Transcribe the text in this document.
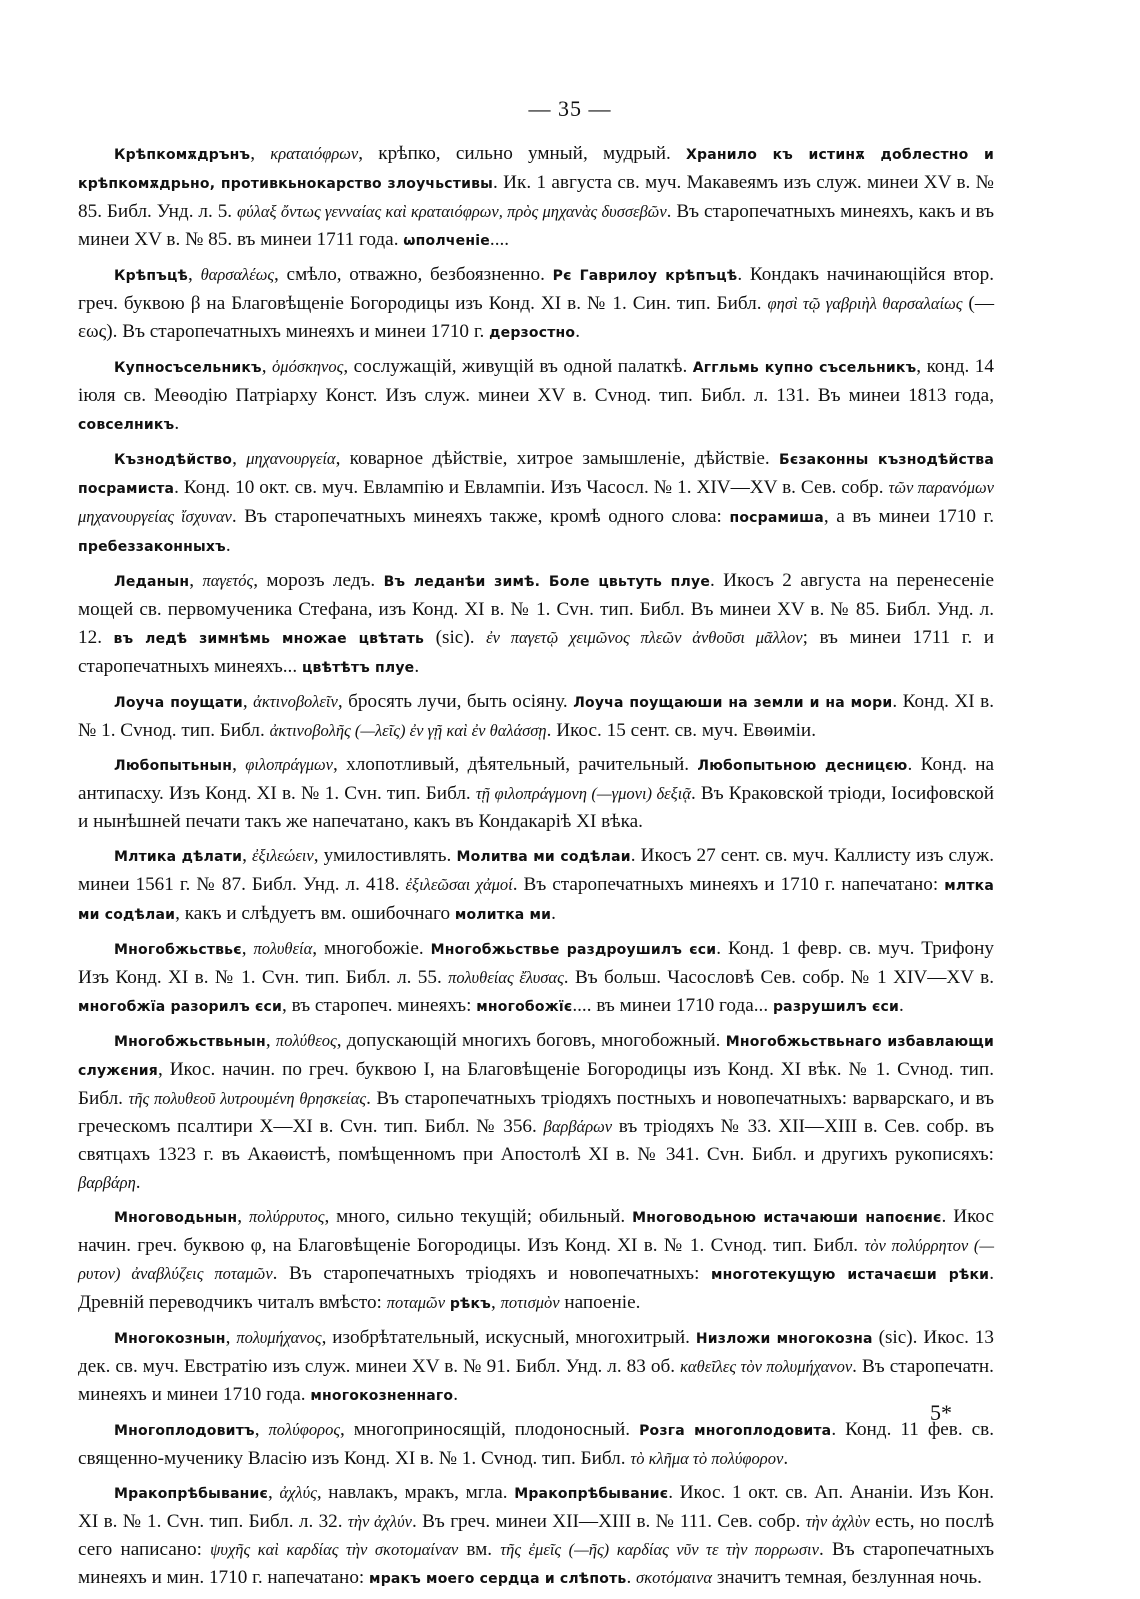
— 35 —

Крѣпкомѫдрънъ, κραταιόφρων, крѣпко, сильно умный, мудрый. Хранило къ истинѫ доблестно и крѣпкомѫдрьно, противкьнокарство злоучьстивы. Ик. 1 августа св. муч. Макавеямъ изъ служ. минеи XV в. № 85. Библ. Унд. л. 5. φύλαξ ὄντως γενναίας καὶ κραταιόφρων, πρὸς μηχανὰς δυσσεβῶν. Въ старопечатныхъ минеяхъ, какъ и въ минеи XV в. № 85. въ минеи 1711 года. ѡполченіе....

Крѣпъцѣ, θαρσαλέως, смѣло, отважно, безбоязненно. Рє Гаврилоу крѣпъцѣ. Кондакъ начинающійся втор. греч. буквою β на Благовѣщеніе Богородицы изъ Конд. XI в. № 1. Син. тип. Библ. φησὶ τῷ γαβριὴλ θαρσαλαίως (—εως). Въ старопечатныхъ минеяхъ и минеи 1710 г. дерзостно.

Купносъсельникъ, ὁμόσκηνος, сослужащій, живущій въ одной палаткѣ. Аггльмь купно съсельникъ, конд. 14 іюля св. Меѳодію Патріарху Конст. Изъ служ. минеи XV в. Сvнод. тип. Библ. л. 131. Въ минеи 1813 года, совселникъ.

Къзнодѣйство, μηχανουργεία, коварное дѣйствіе, хитрое замышленіе, дѣйствіе. Бєзаконны къзнодѣйства посрамиста. Конд. 10 окт. св. муч. Евлампію и Евлампіи. Изъ Часосл. № 1. XIV—XV в. Сев. собр. τῶν παρανόμων μηχανουργείας ἴσχυναν. Въ старопечатныхъ минеяхъ также, кромѣ одного слова: посрамиша, а въ минеи 1710 г. пребеззаконныхъ.

Леданын, παγετός, морозъ ледъ. Въ леданѣи зимѣ. Боле цвьтуть плуе. Икосъ 2 августа на перенесеніе мощей св. первомученика Стефана, изъ Конд. XI в. № 1. Сvн. тип. Библ. Въ минеи XV в. № 85. Библ. Унд. л. 12. въ ледѣ зимнѣмь множае цвѣтать (sic). ἐν παγετῷ χειμῶνος πλεῶν ἀνθοῦσι μᾶλλον; въ минеи 1711 г. и старопечатныхъ минеяхъ... цвѣтѣтъ плуе.

Лоуча поущати, ἀκτινοβολεῖν, бросять лучи, быть осіяну. Лоуча поущаюши на земли и на мори. Конд. XI в. № 1. Сvнод. тип. Библ. ἀκτινοβολῆς (—λεῖς) ἐν γῇ καὶ ἐν θαλάσσῃ. Икос. 15 сент. св. муч. Евѳиміи.

Любопытьнын, φιλοπράγμων, хлопотливый, дѣятельный, рачительный. Любопытьною десницєю. Конд. на антипасху. Изъ Конд. XI в. № 1. Сvн. тип. Библ. τῇ φιλοπράγμονη (—γμονι) δεξιᾷ. Въ Краковской тріоди, Іосифовской и нынѣшней печати такъ же напечатано, какъ въ Кондакаріѣ XI вѣка.

Млтика дѣлати, ἐξιλεώειν, умилостивлять. Молитва ми содѣлаи. Икосъ 27 сент. св. муч. Каллисту изъ служ. минеи 1561 г. № 87. Библ. Унд. л. 418. ἐξιλεῶσαι χἀμοί. Въ старопечатныхъ минеяхъ и 1710 г. напечатано: млтка ми содѣлаи, какъ и слѣдуетъ вм. ошибочнаго молитка ми.

Многобжьствьє, πολυθεία, многобожіе. Многобжьствье раздроушилъ єси. Конд. 1 февр. св. муч. Трифону Изъ Конд. XI в. № 1. Сvн. тип. Библ. л. 55. πολυθείας ἔλυσας. Въ больш. Часословѣ Сев. собр. № 1 XIV—XV в. многобжїа разорилъ єси, въ старопеч. минеяхъ: многобожїє.... въ минеи 1710 года... разрушилъ єси.

Многобжьствьнын, πολύθεος, допускающій многихъ боговъ, многобожный. Многобжьствьнаго избавлающи служєния, Икос. начин. по греч. буквою I, на Благовѣщеніе Богородицы изъ Конд. XI вѣк. № 1. Сvнод. тип. Библ. τῆς πολυθεοῦ λυτρουμένη θρησκείας. Въ старопечатныхъ тріодяхъ постныхъ и новопечатныхъ: варварскаго, и въ греческомъ псалтири X—XI в. Сvн. тип. Библ. № 356. βαρβάρων въ тріодяхъ № 33. XII—XIII в. Сев. собр. въ святцахъ 1323 г. въ Акаѳистѣ, помѣщенномъ при Апостолѣ XI в. № 341. Сvн. Библ. и другихъ рукописяхъ: βαρβάρη.

Многоводьнын, πολύρρυτος, много, сильно текущій; обильный. Многоводьною истачаюши напоєниє. Икос начин. греч. буквою φ, на Благовѣщеніе Богородицы. Изъ Конд. XI в. № 1. Сvнод. тип. Библ. τὸν πολύρρητον (—ρυτον) ἀναβλύζεις ποταμῶν. Въ старопечатныхъ тріодяхъ и новопечатныхъ: многотекущую истачаєши рѣки. Древній переводчикъ читалъ вмѣсто: ποταμῶν рѣкъ, ποτισμὸν напоеніе.

Многокознын, πολυμήχανος, изобрѣтательный, искусный, многохитрый. Низложи многокозна (sic). Икос. 13 дек. св. муч. Евстратію изъ служ. минеи XV в. № 91. Библ. Унд. л. 83 об. καθεῖλες τὸν πολυμήχανον. Въ старопечатн. минеяхъ и минеи 1710 года. многокозненнаго.

Многоплодовитъ, πολύφορος, многоприносящій, плодоносный. Розга многоплодовита. Конд. 11 фев. св. священно-мученику Власію изъ Конд. XI в. № 1. Сvнод. тип. Библ. τὸ κλῆμα τὸ πολύφορον.

Мракопрѣбываниє, ἀχλύς, навлакъ, мракъ, мгла. Мракопрѣбываниє. Икос. 1 окт. св. Ап. Ананіи. Изъ Кон. XI в. № 1. Сvн. тип. Библ. л. 32. τὴν ἀχλύν. Въ греч. минеи XII—XIII в. № 111. Сев. собр. τὴν ἀχλὺν есть, но послѣ сего написано: ψυχῆς καὶ καρδίας τὴν σκοτομαίναν вм. τῆς ἐμεῖς (—ῆς) καρδίας νῦν τε τὴν πορρωσιν. Въ старопечатныхъ минеяхъ и мин. 1710 г. напечатано: мракъ моего сердца и слѣпоть. σκοτόμαινα значитъ темная, безлунная ночь.

5*
